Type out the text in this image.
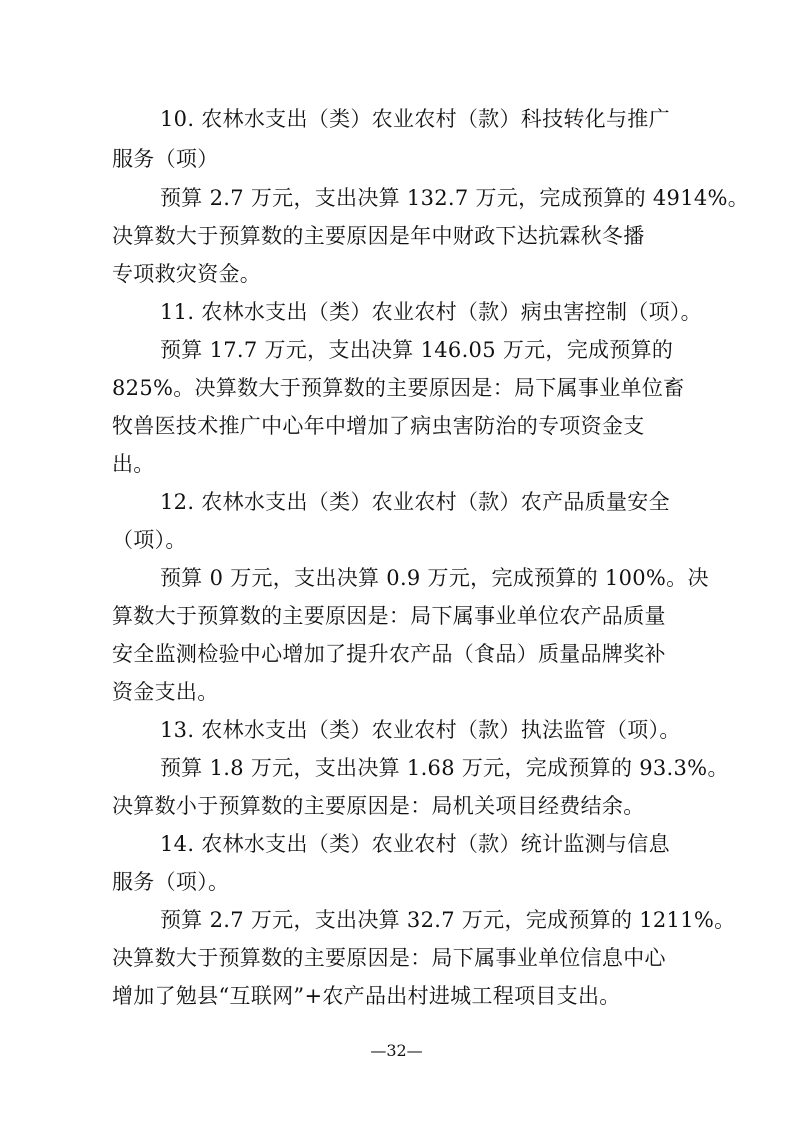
10. 农林水支出（类）农业农村（款）科技转化与推广
服务（项）
预算 2.7 万元，支出决算 132.7 万元，完成预算的 4914%。
决算数大于预算数的主要原因是年中财政下达抗霖秋冬播
专项救灾资金。
11. 农林水支出（类）农业农村（款）病虫害控制（项）。
预算 17.7 万元，支出决算 146.05 万元，完成预算的
825%。决算数大于预算数的主要原因是：局下属事业单位畜
牧兽医技术推广中心年中增加了病虫害防治的专项资金支
出。
12. 农林水支出（类）农业农村（款）农产品质量安全
（项）。
预算 0 万元，支出决算 0.9 万元，完成预算的 100%。决
算数大于预算数的主要原因是：局下属事业单位农产品质量
安全监测检验中心增加了提升农产品（食品）质量品牌奖补
资金支出。
13. 农林水支出（类）农业农村（款）执法监管（项）。
预算 1.8 万元，支出决算 1.68 万元，完成预算的 93.3%。
决算数小于预算数的主要原因是：局机关项目经费结余。
14. 农林水支出（类）农业农村（款）统计监测与信息
服务（项）。
预算 2.7 万元，支出决算 32.7 万元，完成预算的 1211%。
决算数大于预算数的主要原因是：局下属事业单位信息中心
增加了勉县“互联网”+农产品出村进城工程项目支出。
—32—
